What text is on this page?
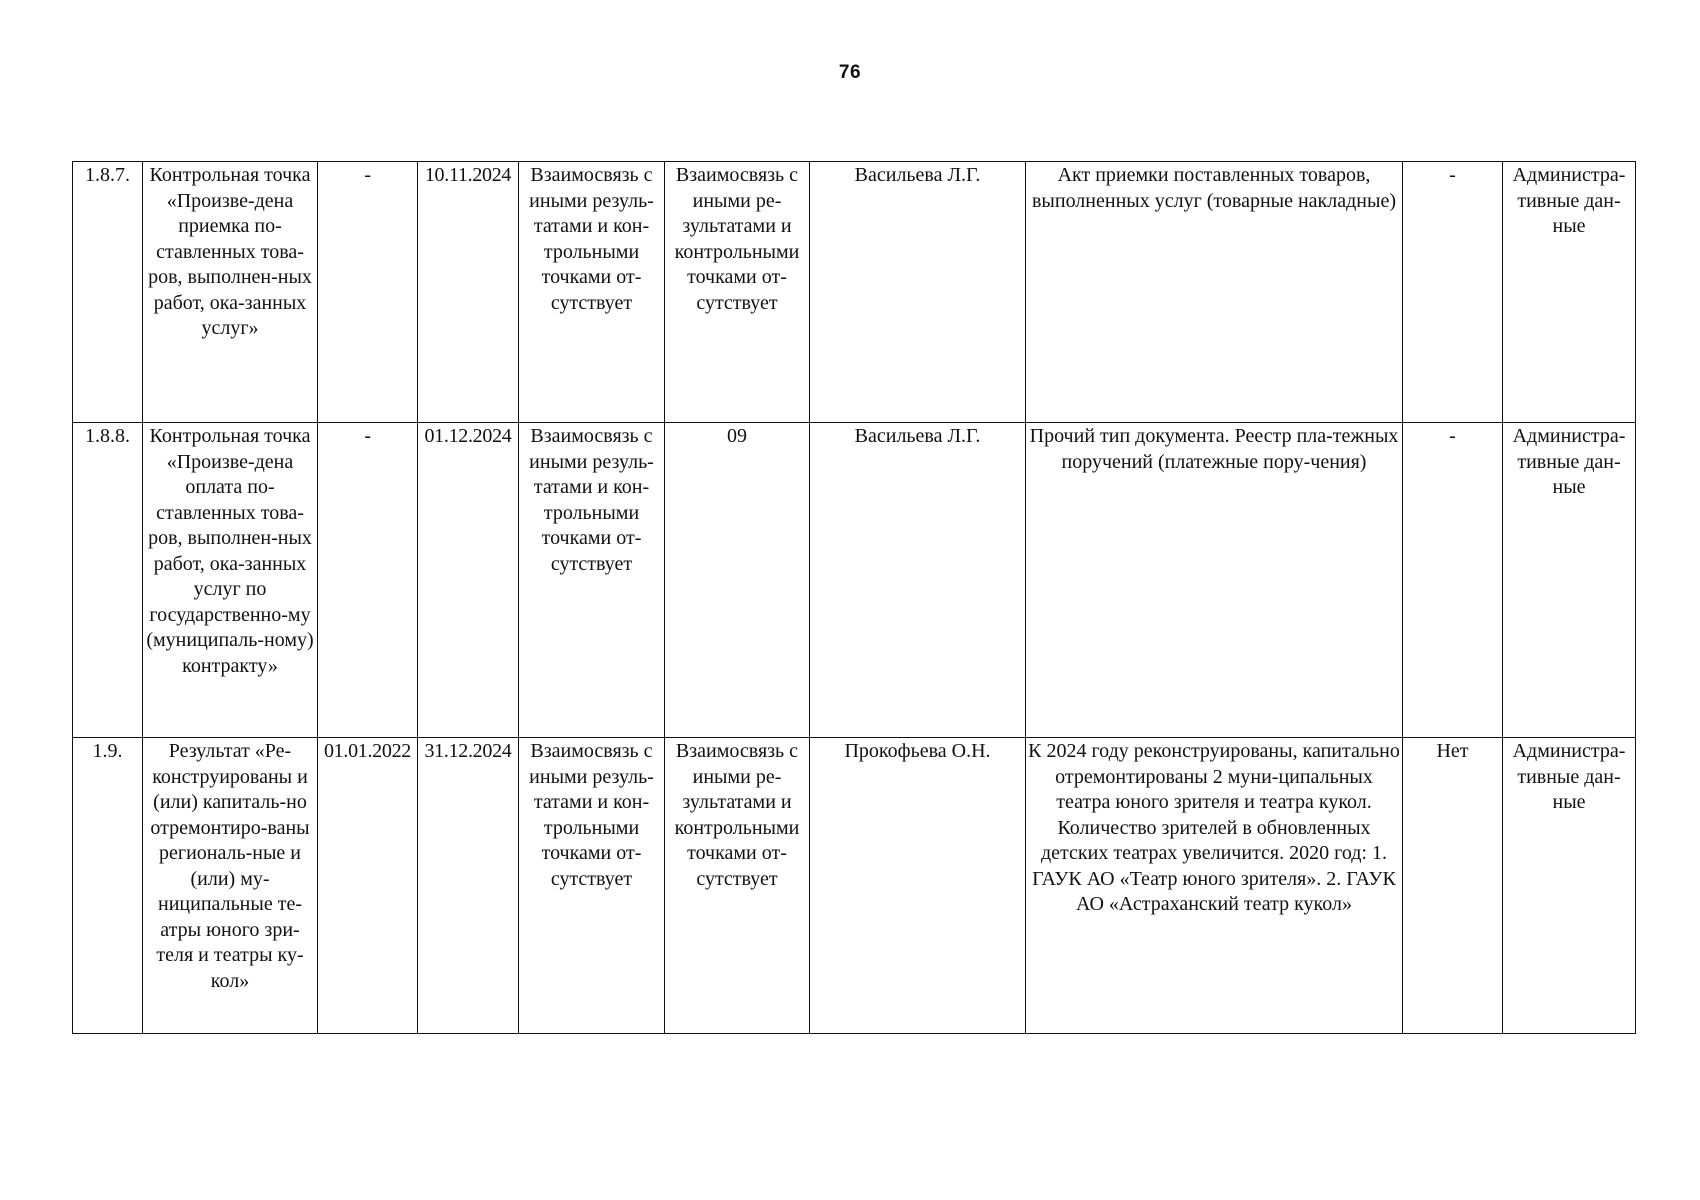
76
1.8.7.	Контрольная точка «Произве-дена приемка по-ставленных това-ров, выполнен-ных работ, ока-занных услуг»	-	10.11.2024	Взаимосвязь с иными резуль-татами и кон-трольными точками от-сутствует	Взаимосвязь с иными ре-зультатами и контрольными точками от-сутствует	Васильева Л.Г.	Акт приемки поставленных товаров, выполненных услуг (товарные накладные)	-	Администра-тивные дан-ные
1.8.8.	Контрольная точка «Произве-дена оплата по-ставленных това-ров, выполнен-ных работ, ока-занных услуг по государственно-му (муниципаль-ному) контракту»	-	01.12.2024	Взаимосвязь с иными резуль-татами и кон-трольными точками от-сутствует	09	Васильева Л.Г.	Прочий тип документа. Реестр пла-тежных поручений (платежные пору-чения)	-	Администра-тивные дан-ные
1.9.	Результат «Ре-конструированы и (или) капиталь-но отремонтиро-ваны региональ-ные и (или) му-ниципальные те-атры юного зри-теля и театры ку-кол»	01.01.2022	31.12.2024	Взаимосвязь с иными резуль-татами и кон-трольными точками от-сутствует	Взаимосвязь с иными ре-зультатами и контрольными точками от-сутствует	Прокофьева О.Н.	К 2024 году реконструированы, капитально отремонтированы 2 муни-ципальных театра юного зрителя и театра кукол. Количество зрителей в обновленных детских театрах увеличится. 2020 год: 1. ГАУК АО «Театр юного зрителя». 2. ГАУК АО «Астраханский театр кукол»	Нет	Администра-тивные дан-ные
